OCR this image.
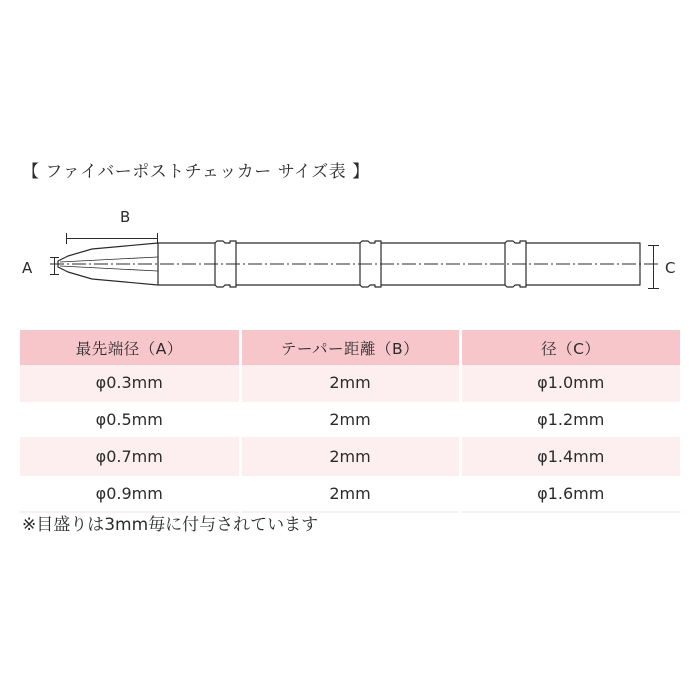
【 ファイバーポストチェッカー サイズ表 】
B
A	C
最先端径（A）	テーパー距離（B）	径（C）
φ0.3mm	2mm	φ1.0mm
φ0.5mm	2mm	φ1.2mm
φ0.7mm	2mm	φ1.4mm
φ0.9mm	2mm	φ1.6mm
※目盛りは3mm毎に付与されています
